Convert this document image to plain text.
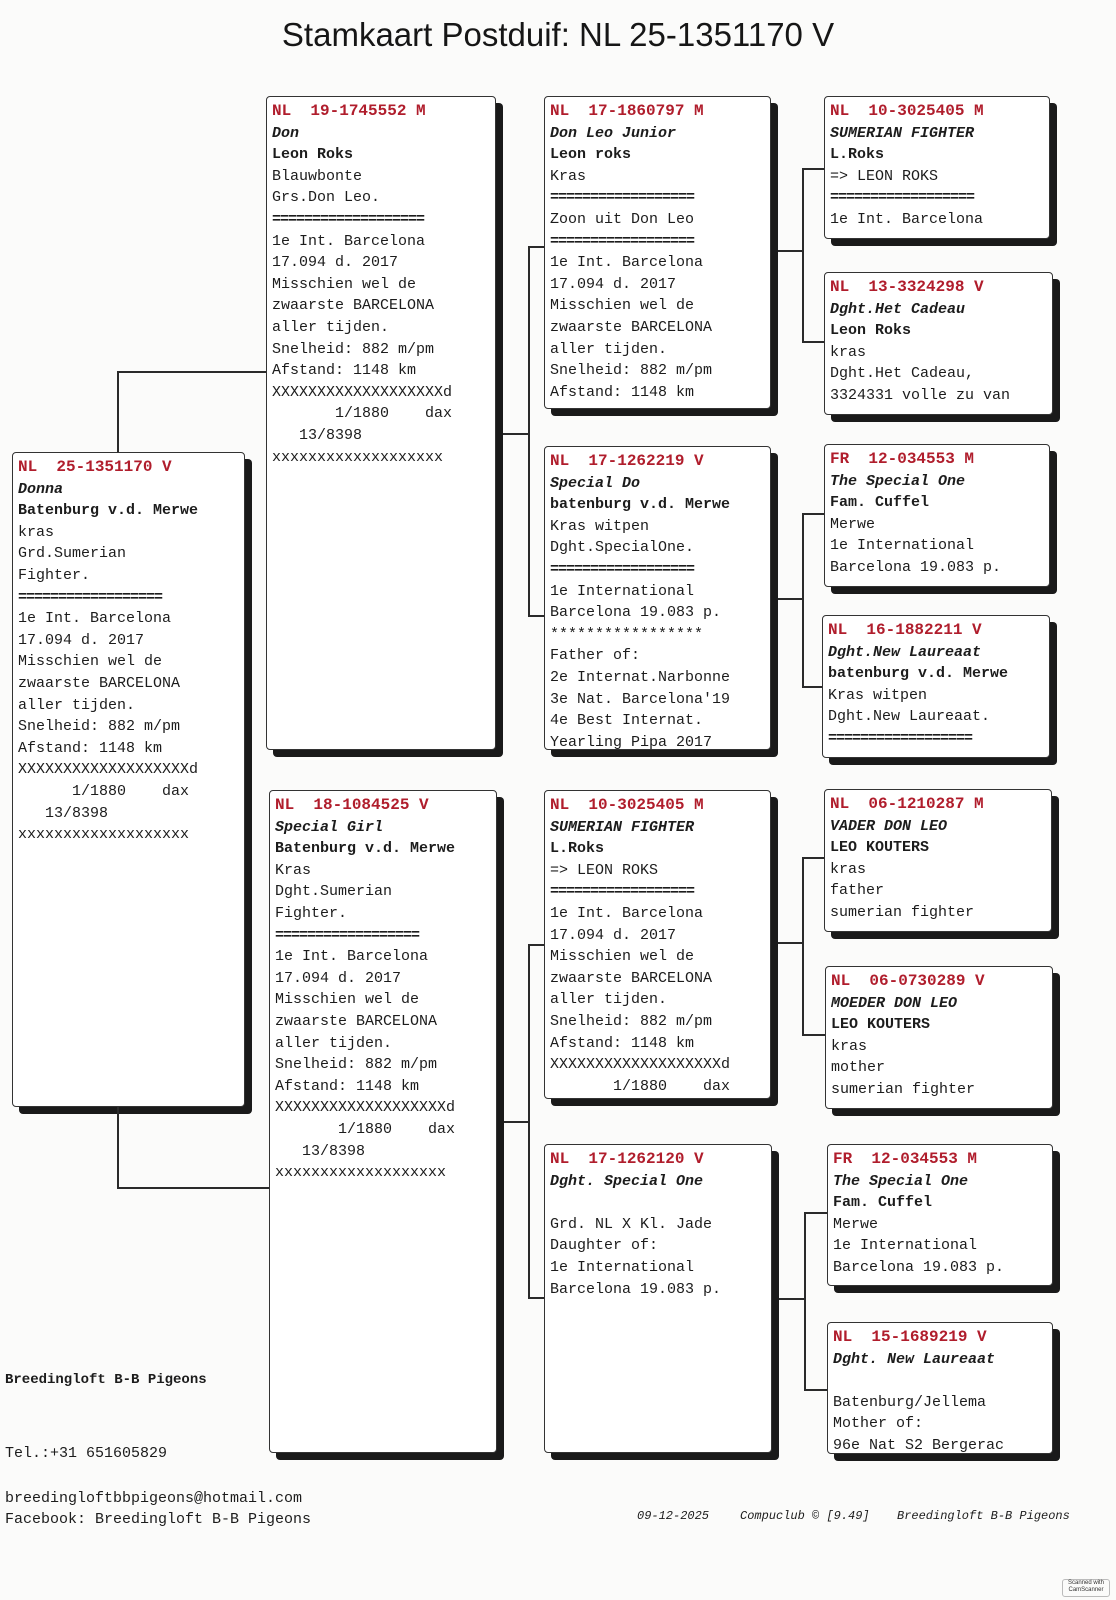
Stamkaart Postduif: NL 25-1351170 V
NL  25-1351170 V
Donna
Batenburg v.d. Merwe
kras
Grd.Sumerian
Fighter.
==================
1e Int. Barcelona
17.094 d. 2017
Misschien wel de
zwaarste BARCELONA
aller tijden.
Snelheid: 882 m/pm
Afstand: 1148 km
XXXXXXXXXXXXXXXXXXXd
1/1880    dax
13/8398
xxxxxxxxxxxxxxxxxxx
NL  19-1745552 M
Don
Leon Roks
Blauwbonte
Grs.Don Leo.
===================
1e Int. Barcelona
17.094 d. 2017
Misschien wel de
zwaarste BARCELONA
aller tijden.
Snelheid: 882 m/pm
Afstand: 1148 km
XXXXXXXXXXXXXXXXXXXd
1/1880    dax
13/8398
xxxxxxxxxxxxxxxxxxx
NL  18-1084525 V
Special Girl
Batenburg v.d. Merwe
Kras
Dght.Sumerian
Fighter.
==================
1e Int. Barcelona
17.094 d. 2017
Misschien wel de
zwaarste BARCELONA
aller tijden.
Snelheid: 882 m/pm
Afstand: 1148 km
XXXXXXXXXXXXXXXXXXXd
1/1880    dax
13/8398
xxxxxxxxxxxxxxxxxxx
NL  17-1860797 M
Don Leo Junior
Leon roks
Kras
==================
Zoon uit Don Leo
==================
1e Int. Barcelona
17.094 d. 2017
Misschien wel de
zwaarste BARCELONA
aller tijden.
Snelheid: 882 m/pm
Afstand: 1148 km
NL  17-1262219 V
Special Do
batenburg v.d. Merwe
Kras witpen
Dght.SpecialOne.
==================
1e International
Barcelona 19.083 p.
*****************
Father of:
2e Internat.Narbonne
3e Nat. Barcelona'19
4e Best Internat.
Yearling Pipa 2017
NL  10-3025405 M
SUMERIAN FIGHTER
L.Roks
=> LEON ROKS
==================
1e Int. Barcelona
17.094 d. 2017
Misschien wel de
zwaarste BARCELONA
aller tijden.
Snelheid: 882 m/pm
Afstand: 1148 km
XXXXXXXXXXXXXXXXXXXd
1/1880    dax
NL  17-1262120 V
Dght. Special One
Grd. NL X Kl. Jade
Daughter of:
1e International
Barcelona 19.083 p.
NL  10-3025405 M
SUMERIAN FIGHTER
L.Roks
=> LEON ROKS
==================
1e Int. Barcelona
NL  13-3324298 V
Dght.Het Cadeau
Leon Roks
kras
Dght.Het Cadeau,
3324331 volle zu van
FR  12-034553 M
The Special One
Fam. Cuffel
Merwe
1e International
Barcelona 19.083 p.
NL  16-1882211 V
Dght.New Laureaat
batenburg v.d. Merwe
Kras witpen
Dght.New Laureaat.
==================
NL  06-1210287 M
VADER DON LEO
LEO KOUTERS
kras
father
sumerian fighter
NL  06-0730289 V
MOEDER DON LEO
LEO KOUTERS
kras
mother
sumerian fighter
FR  12-034553 M
The Special One
Fam. Cuffel
Merwe
1e International
Barcelona 19.083 p.
NL  15-1689219 V
Dght. New Laureaat
Batenburg/Jellema
Mother of:
96e Nat S2 Bergerac
Breedingloft B-B Pigeons
Tel.:+31 651605829
breedingloftbbpigeons@hotmail.com
Facebook: Breedingloft B-B Pigeons	09-12-2025	Compuclub © [9.49] Breedingloft B-B Pigeons
Scanned with CamScanner
